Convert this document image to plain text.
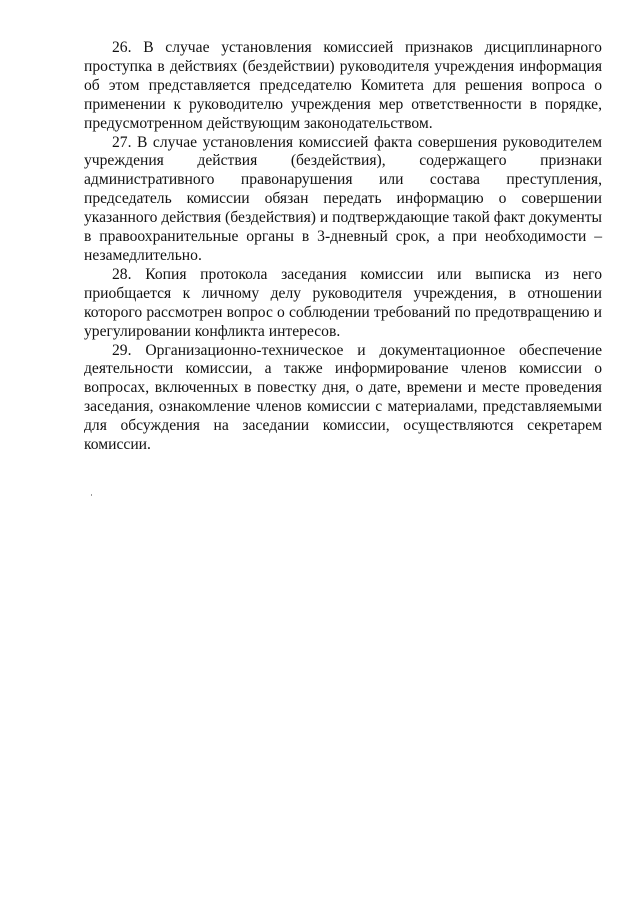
26. В случае установления комиссией признаков дисциплинарного проступка в действиях (бездействии) руководителя учреждения информация об этом представляется председателю Комитета для решения вопроса о применении к руководителю учреждения мер ответственности в порядке, предусмотренном действующим законодательством.

27. В случае установления комиссией факта совершения руководителем учреждения действия (бездействия), содержащего признаки административного правонарушения или состава преступления, председатель комиссии обязан передать информацию о совершении указанного действия (бездействия) и подтверждающие такой факт документы в правоохранительные органы в 3-дневный срок, а при необходимости – незамедлительно.

28. Копия протокола заседания комиссии или выписка из него приобщается к личному делу руководителя учреждения, в отношении которого рассмотрен вопрос о соблюдении требований по предотвращению и урегулировании конфликта интересов.

29. Организационно-техническое и документационное обеспечение деятельности комиссии, а также информирование членов комиссии о вопросах, включенных в повестку дня, о дате, времени и месте проведения заседания, ознакомление членов комиссии с материалами, представляемыми для обсуждения на заседании комиссии, осуществляются секретарем комиссии.
